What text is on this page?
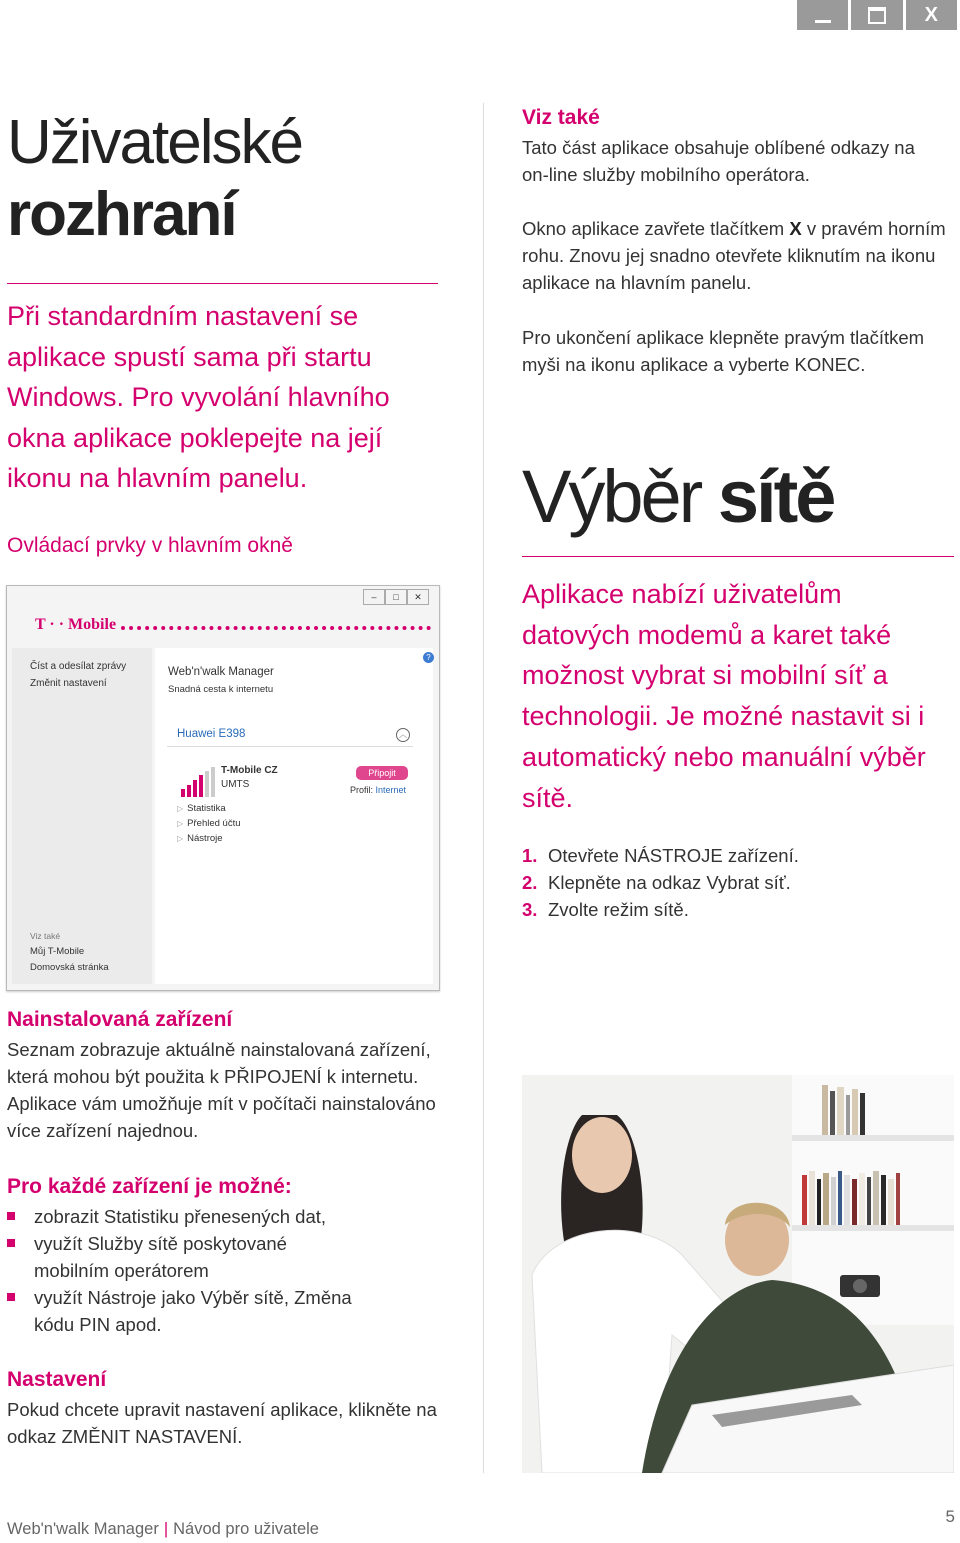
X
Uživatelské
rozhraní
Při standardním nastavení se aplikace spustí sama při startu Windows. Pro vyvolání hlavního okna aplikace poklepejte na její ikonu na hlavním panelu.
Ovládací prvky v hlavním okně
–	□	✕
T · · Mobile
Číst a odesílat zprávy
Změnit nastavení
?
Web'n'walk Manager
Snadná cesta k internetu
Huawei E398	︿
T-Mobile CZ
UMTS
Připojit
Profil: Internet
▷ Statistika
▷ Přehled účtu
▷ Nástroje
Viz také
Můj T-Mobile
Domovská stránka
Nainstalovaná zařízení
Seznam zobrazuje aktuálně nainstalovaná zařízení, která mohou být použita k PŘIPOJENÍ k internetu. Aplikace vám umožňuje mít v počítači nainstalováno více zařízení najednou.
Pro každé zařízení je možné:
zobrazit Statistiku přenesených dat,
využít Služby sítě poskytované mobilním operátorem
využít Nástroje jako Výběr sítě, Změna kódu PIN apod.
Nastavení
Pokud chcete upravit nastavení aplikace, klikněte na odkaz ZMĚNIT NASTAVENÍ.
Viz také
Tato část aplikace obsahuje oblíbené odkazy na on-line služby mobilního operátora.
Okno aplikace zavřete tlačítkem X v pravém horním rohu. Znovu jej snadno otevřete kliknutím na ikonu aplikace na hlavním panelu.
Pro ukončení aplikace klepněte pravým tlačítkem myši na ikonu aplikace a vyberte KONEC.
Výběr sítě
Aplikace nabízí uživatelům datových modemů a karet také možnost vybrat si mobilní síť a technologii. Je možné nastavit si i automatický nebo manuální výběr sítě.
1. Otevřete NÁSTROJE zařízení.
2. Klepněte na odkaz Vybrat síť.
3. Zvolte režim sítě.
Web'n'walk Manager | Návod pro uživatele
5
